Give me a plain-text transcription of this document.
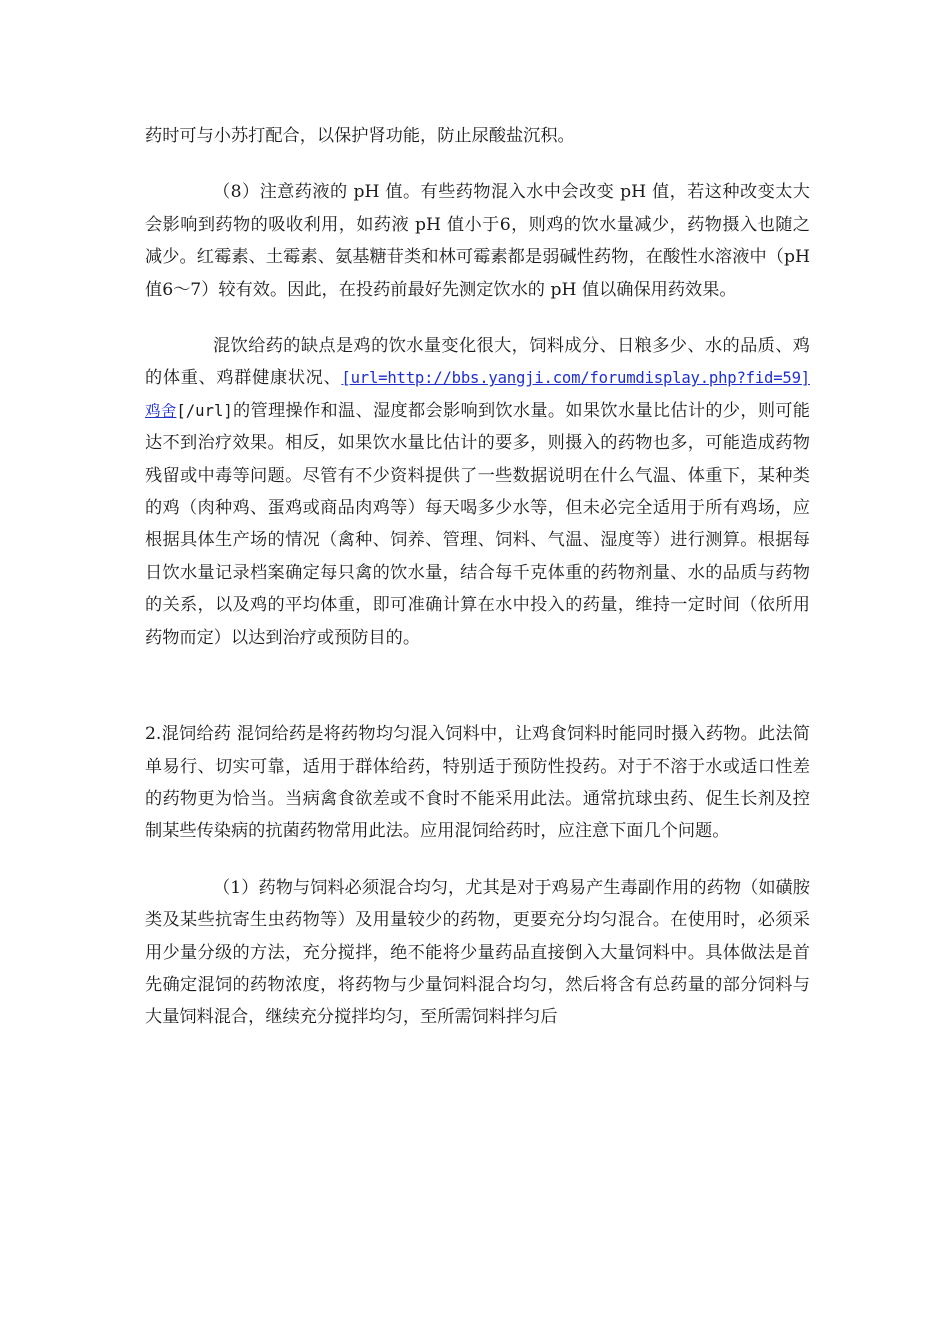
药时可与小苏打配合，以保护肾功能，防止尿酸盐沉积。

（8）注意药液的 pH 值。有些药物混入水中会改变 pH 值，若这种改变太大会影响到药物的吸收利用，如药液 pH 值小于6，则鸡的饮水量减少，药物摄入也随之减少。红霉素、土霉素、氨基糖苷类和林可霉素都是弱碱性药物，在酸性水溶液中（pH 值6～7）较有效。因此，在投药前最好先测定饮水的 pH 值以确保用药效果。

混饮给药的缺点是鸡的饮水量变化很大，饲料成分、日粮多少、水的品质、鸡的体重、鸡群健康状况、[url=http://bbs.yangji.com/forumdisplay.php?fid=59]鸡舍[/url]的管理操作和温、湿度都会影响到饮水量。如果饮水量比估计的少，则可能达不到治疗效果。相反，如果饮水量比估计的要多，则摄入的药物也多，可能造成药物残留或中毒等问题。尽管有不少资料提供了一些数据说明在什么气温、体重下，某种类的鸡（肉种鸡、蛋鸡或商品肉鸡等）每天喝多少水等，但未必完全适用于所有鸡场，应根据具体生产场的情况（禽种、饲养、管理、饲料、气温、湿度等）进行测算。根据每日饮水量记录档案确定每只禽的饮水量，结合每千克体重的药物剂量、水的品质与药物的关系，以及鸡的平均体重，即可准确计算在水中投入的药量，维持一定时间（依所用药物而定）以达到治疗或预防目的。

2.混饲给药 混饲给药是将药物均匀混入饲料中，让鸡食饲料时能同时摄入药物。此法简单易行、切实可靠，适用于群体给药，特别适于预防性投药。对于不溶于水或适口性差的药物更为恰当。当病禽食欲差或不食时不能采用此法。通常抗球虫药、促生长剂及控制某些传染病的抗菌药物常用此法。应用混饲给药时，应注意下面几个问题。

（1）药物与饲料必须混合均匀，尤其是对于鸡易产生毒副作用的药物（如磺胺类及某些抗寄生虫药物等）及用量较少的药物，更要充分均匀混合。在使用时，必须采用少量分级的方法，充分搅拌，绝不能将少量药品直接倒入大量饲料中。具体做法是首先确定混饲的药物浓度，将药物与少量饲料混合均匀，然后将含有总药量的部分饲料与大量饲料混合，继续充分搅拌均匀，至所需饲料拌匀后
